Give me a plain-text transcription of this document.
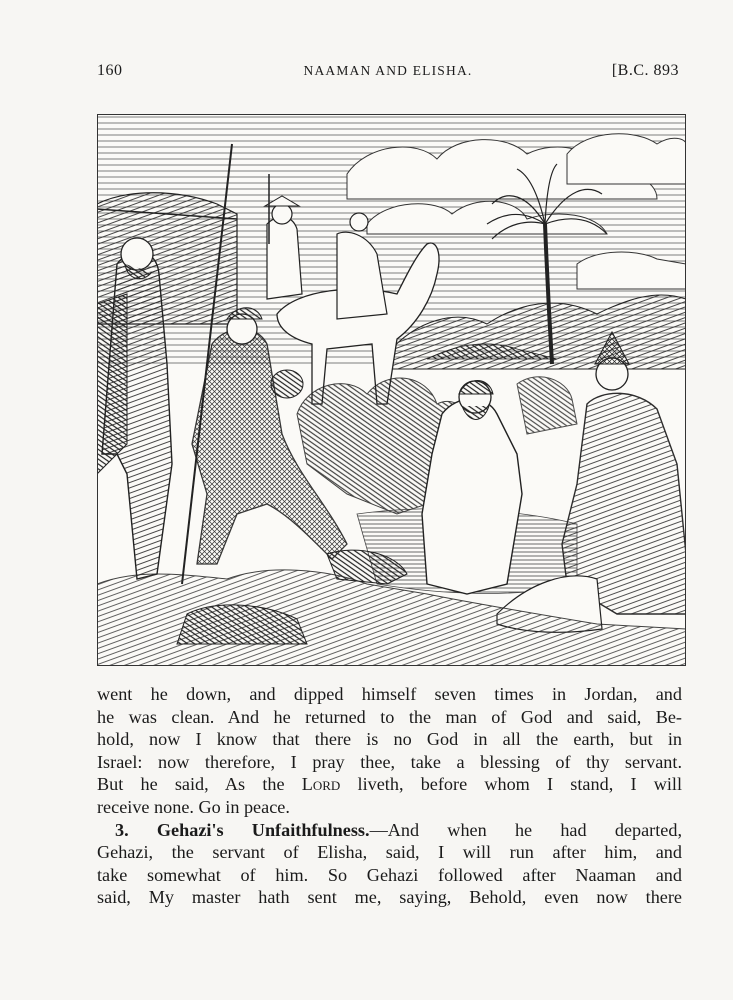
160	NAAMAN AND ELISHA.	[B.C. 893
went he down, and dipped himself seven times in Jordan, and
he was clean. And he returned to the man of God and said, Be-
hold, now I know that there is no God in all the earth, but in
Israel: now therefore, I pray thee, take a blessing of thy servant.
But he said, As the Lord liveth, before whom I stand, I will
receive none. Go in peace.
3. Gehazi's Unfaithfulness.—And when he had departed,
Gehazi, the servant of Elisha, said, I will run after him, and
take somewhat of him. So Gehazi followed after Naaman and
said, My master hath sent me, saying, Behold, even now there
